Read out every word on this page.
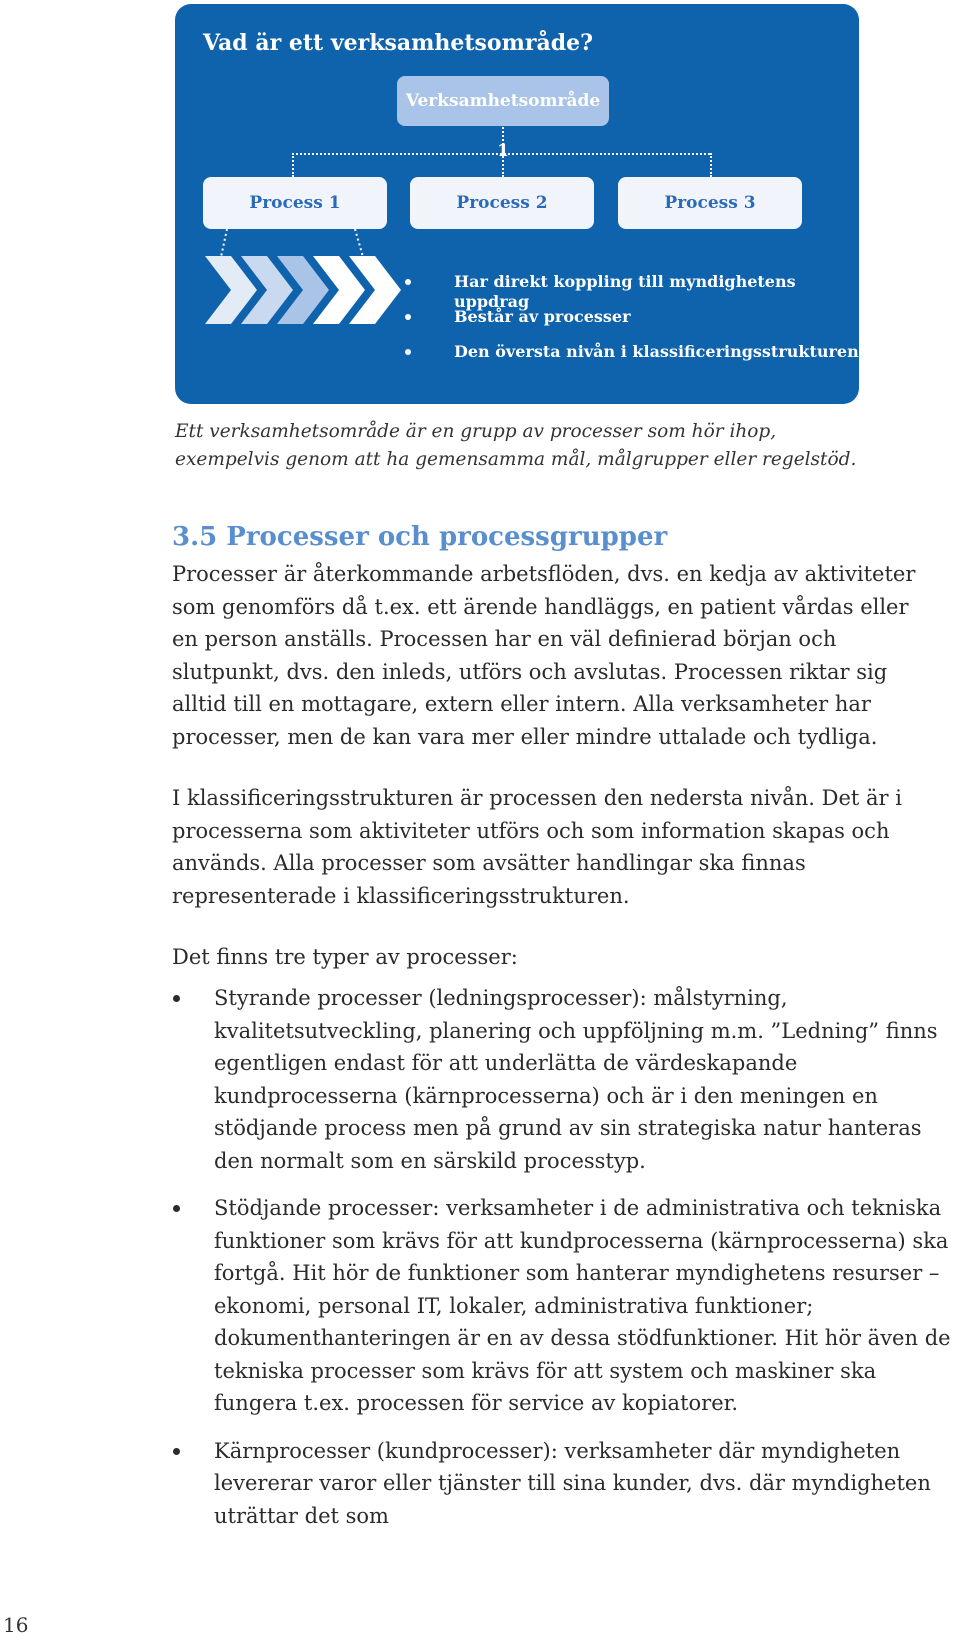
Vad är ett verksamhetsområde?
Verksamhetsområde 1
Process 1	Process 2	Process 3
Har direkt koppling till myndighetens uppdrag
Består av processer
Den översta nivån i klassificeringsstrukturen
Ett verksamhetsområde är en grupp av processer som hör ihop, exempelvis genom att ha gemensamma mål, målgrupper eller regelstöd.
3.5 Processer och processgrupper
Processer är återkommande arbetsflöden, dvs. en kedja av aktiviteter som genomförs då t.ex. ett ärende handläggs, en patient vårdas eller en person anställs. Processen har en väl definierad början och slutpunkt, dvs. den inleds, utförs och avslutas. Processen riktar sig alltid till en mottagare, extern eller intern. Alla verksamheter har processer, men de kan vara mer eller mindre uttalade och tydliga.
I klassificeringsstrukturen är processen den nedersta nivån. Det är i processerna som aktiviteter utförs och som information skapas och används. Alla processer som avsätter handlingar ska finnas representerade i klassificeringsstrukturen.
Det finns tre typer av processer:
Styrande processer (ledningsprocesser): målstyrning, kvalitetsutveckling, planering och uppföljning m.m. ”Ledning” finns egentligen endast för att underlätta de värdeskapande kundprocesserna (kärnprocesserna) och är i den meningen en stödjande process men på grund av sin strategiska natur hanteras den normalt som en särskild processtyp.
Stödjande processer: verksamheter i de administrativa och tekniska funktioner som krävs för att kundprocesserna (kärnprocesserna) ska fortgå. Hit hör de funktioner som hanterar myndighetens resurser – ekonomi, personal IT, lokaler, administrativa funktioner; dokumenthanteringen är en av dessa stödfunktioner. Hit hör även de tekniska processer som krävs för att system och maskiner ska fungera t.ex. processen för service av kopiatorer.
Kärnprocesser (kundprocesser): verksamheter där myndigheten levererar varor eller tjänster till sina kunder, dvs. där myndigheten uträttar det som
16
